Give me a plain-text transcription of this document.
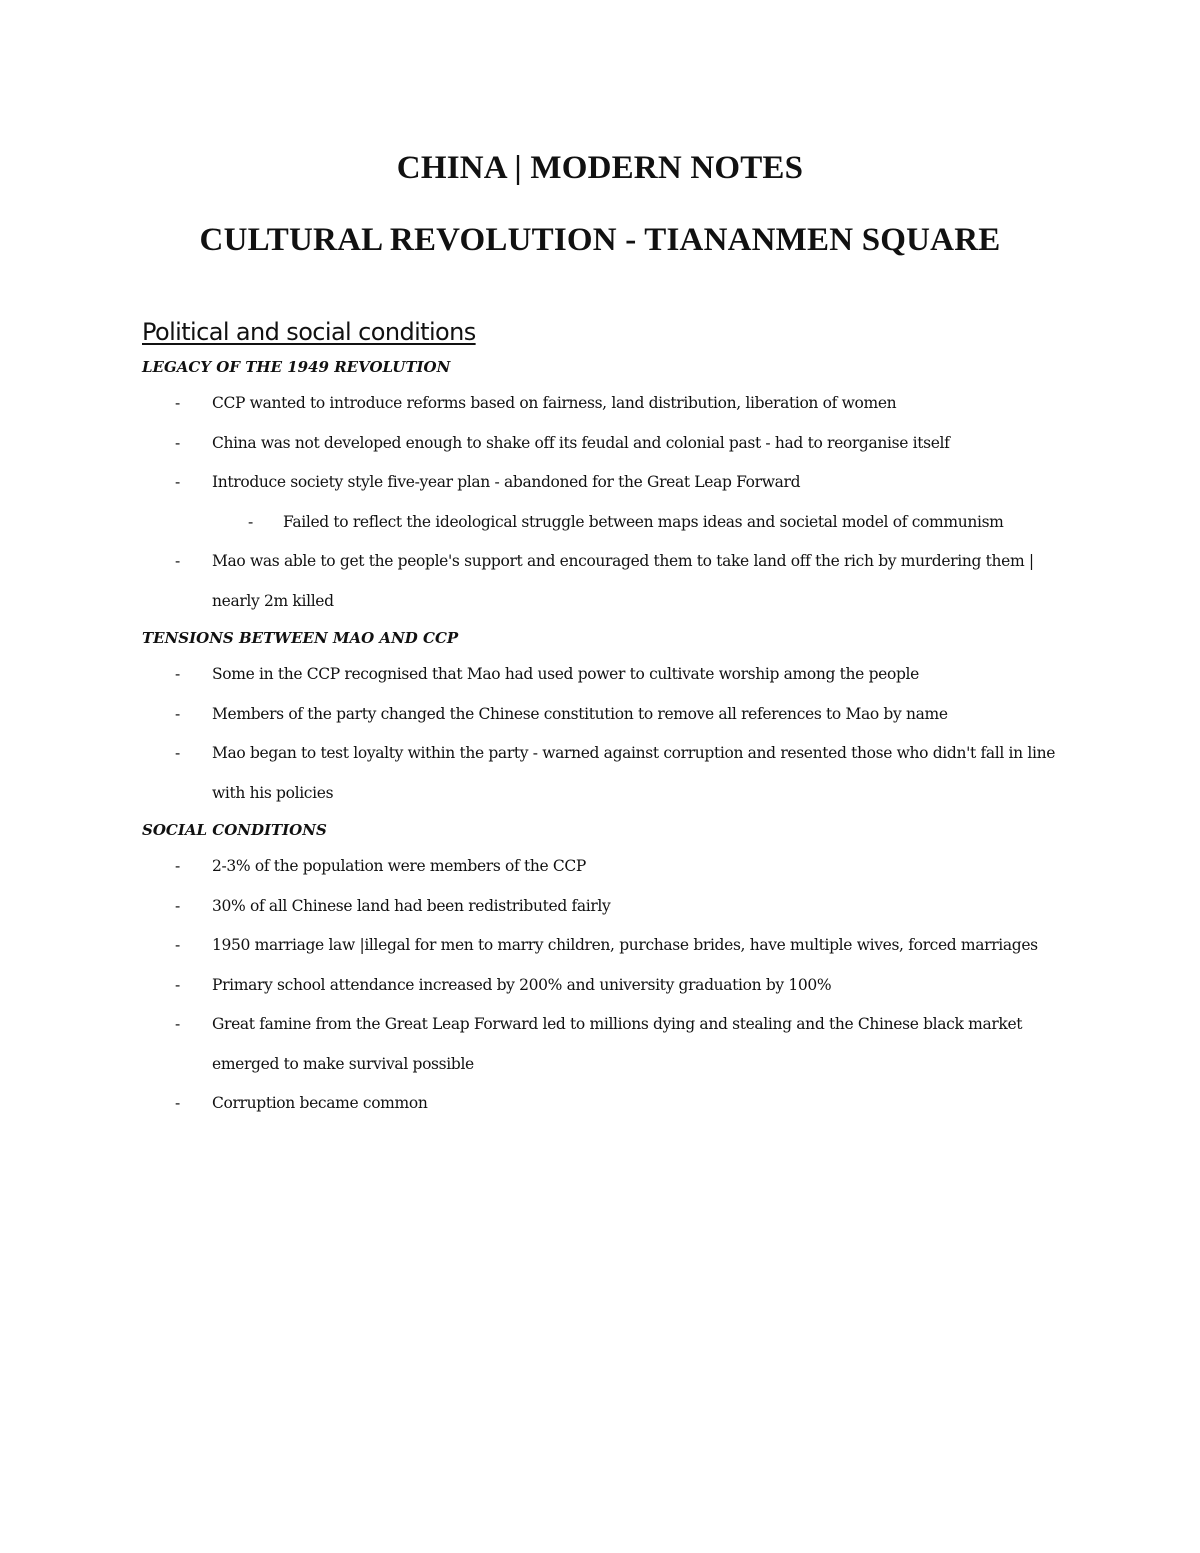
CHINA | MODERN NOTES
CULTURAL REVOLUTION - TIANANMEN SQUARE
Political and social conditions
LEGACY OF THE 1949 REVOLUTION
- CCP wanted to introduce reforms based on fairness, land distribution, liberation of women
- China was not developed enough to shake off its feudal and colonial past - had to reorganise itself
- Introduce society style five-year plan - abandoned for the Great Leap Forward
- Failed to reflect the ideological struggle between maps ideas and societal model of communism
- Mao was able to get the people's support and encouraged them to take land off the rich by murdering them | nearly 2m killed
TENSIONS BETWEEN MAO AND CCP
- Some in the CCP recognised that Mao had used power to cultivate worship among the people
- Members of the party changed the Chinese constitution to remove all references to Mao by name
- Mao began to test loyalty within the party - warned against corruption and resented those who didn't fall in line with his policies
SOCIAL CONDITIONS
- 2-3% of the population were members of the CCP
- 30% of all Chinese land had been redistributed fairly
- 1950 marriage law |illegal for men to marry children, purchase brides, have multiple wives, forced marriages
- Primary school attendance increased by 200% and university graduation by 100%
- Great famine from the Great Leap Forward led to millions dying and stealing and the Chinese black market emerged to make survival possible
- Corruption became common
